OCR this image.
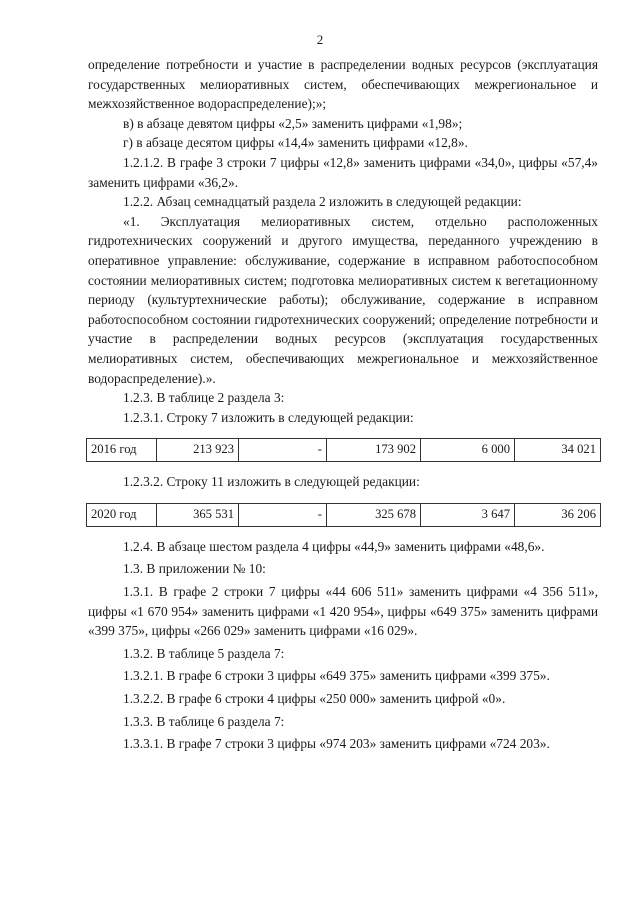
2

определение потребности и участие в распределении водных ресурсов (эксплуатация государственных мелиоративных систем, обеспечивающих межрегиональное и межхозяйственное водораспределение);»;

в) в абзаце девятом цифры «2,5» заменить цифрами «1,98»;

г) в абзаце десятом цифры «14,4» заменить цифрами «12,8».

1.2.1.2. В графе 3 строки 7 цифры «12,8» заменить цифрами «34,0», цифры «57,4» заменить цифрами «36,2».

1.2.2. Абзац семнадцатый раздела 2 изложить в следующей редакции:

«1. Эксплуатация мелиоративных систем, отдельно расположенных гидротехнических сооружений и другого имущества, переданного учреждению в оперативное управление: обслуживание, содержание в исправном работоспособном состоянии мелиоративных систем; подготовка мелиоративных систем к вегетационному периоду (культуртехнические работы); обслуживание, содержание в исправном работоспособном состоянии гидротехнических сооружений; определение потребности и участие в распределении водных ресурсов (эксплуатация государственных мелиоративных систем, обеспечивающих межрегиональное и межхозяйственное водораспределение).».

1.2.3. В таблице 2 раздела 3:

1.2.3.1. Строку 7 изложить в следующей редакции:

2016 год	213 923	-	173 902	6 000	34 021

1.2.3.2. Строку 11 изложить в следующей редакции:

2020 год	365 531	-	325 678	3 647	36 206

1.2.4. В абзаце шестом раздела 4 цифры «44,9» заменить цифрами «48,6».

1.3. В приложении № 10:

1.3.1. В графе 2 строки 7 цифры «44 606 511» заменить цифрами «4 356 511», цифры «1 670 954» заменить цифрами «1 420 954», цифры «649 375» заменить цифрами «399 375», цифры «266 029» заменить цифрами «16 029».

1.3.2. В таблице 5 раздела 7:

1.3.2.1. В графе 6 строки 3 цифры «649 375» заменить цифрами «399 375».

1.3.2.2. В графе 6 строки 4 цифры «250 000» заменить цифрой «0».

1.3.3. В таблице 6 раздела 7:

1.3.3.1. В графе 7 строки 3 цифры «974 203» заменить цифрами «724 203».
